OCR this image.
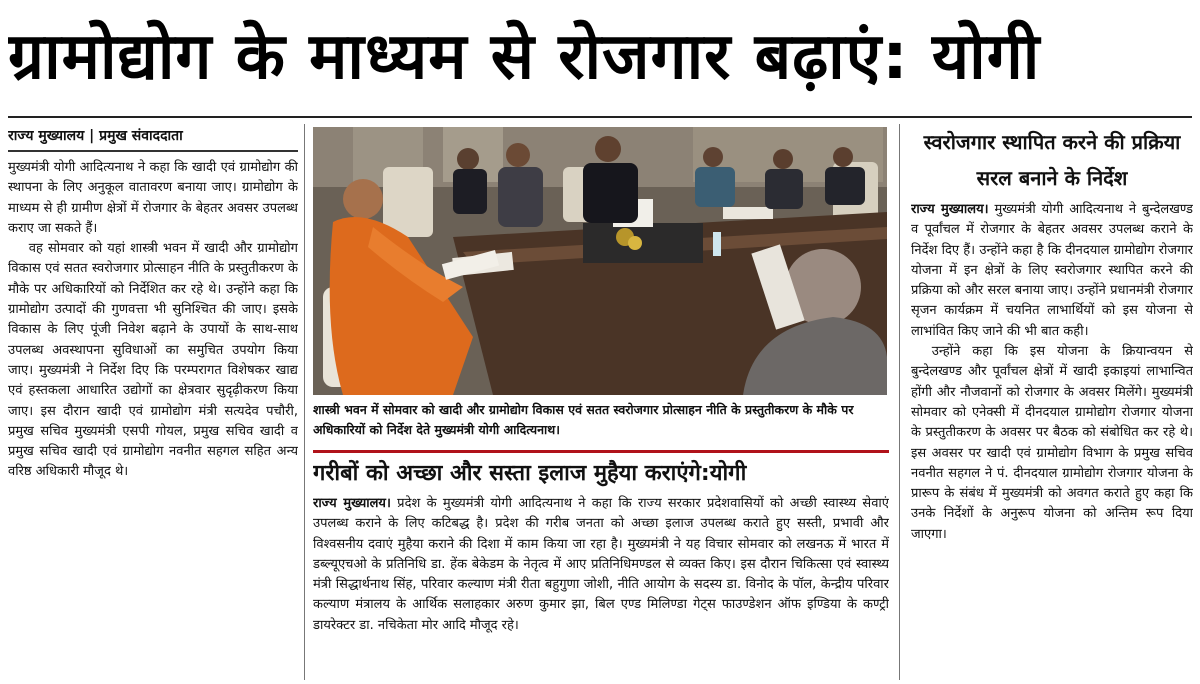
ग्रामोद्योग के माध्यम से रोजगार बढ़ाएं: योगी
राज्य मुख्यालय | प्रमुख संवाददाता

मुख्यमंत्री योगी आदित्यनाथ ने कहा कि खादी एवं ग्रामोद्योग की स्थापना के लिए अनुकूल वातावरण बनाया जाए। ग्रामोद्योग के माध्यम से ही ग्रामीण क्षेत्रों में रोजगार के बेहतर अवसर उपलब्ध कराए जा सकते हैं।

वह सोमवार को यहां शास्त्री भवन में खादी और ग्रामोद्योग विकास एवं सतत स्वरोजगार प्रोत्साहन नीति के प्रस्तुतीकरण के मौके पर अधिकारियों को निर्देशित कर रहे थे। उन्होंने कहा कि ग्रामोद्योग उत्पादों की गुणवत्ता भी सुनिश्चित की जाए। इसके विकास के लिए पूंजी निवेश बढ़ाने के उपायों के साथ-साथ उपलब्ध अवस्थापना सुविधाओं का समुचित उपयोग किया जाए। मुख्यमंत्री ने निर्देश दिए कि परम्परागत विशेषकर खाद्य एवं हस्तकला आधारित उद्योगों का क्षेत्रवार सुदृढ़ीकरण किया जाए। इस दौरान खादी एवं ग्रामोद्योग मंत्री सत्यदेव पचौरी, प्रमुख सचिव मुख्यमंत्री एसपी गोयल, प्रमुख सचिव खादी व प्रमुख सचिव खादी एवं ग्रामोद्योग नवनीत सहगल सहित अन्य वरिष्ठ अधिकारी मौजूद थे।

शास्त्री भवन में सोमवार को खादी और ग्रामोद्योग विकास एवं सतत स्वरोजगार प्रोत्साहन नीति के प्रस्तुतीकरण के मौके पर अधिकारियों को निर्देश देते मुख्यमंत्री योगी आदित्यनाथ।
गरीबों को अच्छा और सस्ता इलाज मुहैया कराएंगे:योगी
राज्य मुख्यालय। प्रदेश के मुख्यमंत्री योगी आदित्यनाथ ने कहा कि राज्य सरकार प्रदेशवासियों को अच्छी स्वास्थ्य सेवाएं उपलब्ध कराने के लिए कटिबद्ध है। प्रदेश की गरीब जनता को अच्छा इलाज उपलब्ध कराते हुए सस्ती, प्रभावी और विश्वसनीय दवाएं मुहैया कराने की दिशा में काम किया जा रहा है। मुख्यमंत्री ने यह विचार सोमवार को लखनऊ में भारत में डब्ल्यूएचओ के प्रतिनिधि डा. हेंक बेकेडम के नेतृत्व में आए प्रतिनिधिमण्डल से व्यक्त किए। इस दौरान चिकित्सा एवं स्वास्थ्य मंत्री सिद्धार्थनाथ सिंह, परिवार कल्याण मंत्री रीता बहुगुणा जोशी, नीति आयोग के सदस्य डा. विनोद के पॉल, केन्द्रीय परिवार कल्याण मंत्रालय के आर्थिक सलाहकार अरुण कुमार झा, बिल एण्ड मिलिण्डा गेट्स फाउण्डेशन ऑफ इण्डिया के कण्ट्री डायरेक्टर डा. नचिकेता मोर आदि मौजूद रहे।
स्वरोजगार स्थापित करने की प्रक्रिया सरल बनाने के निर्देश

राज्य मुख्यालय। मुख्यमंत्री योगी आदित्यनाथ ने बुन्देलखण्ड व पूर्वांचल में रोजगार के बेहतर अवसर उपलब्ध कराने के निर्देश दिए हैं। उन्होंने कहा है कि दीनदयाल ग्रामोद्योग रोजगार योजना में इन क्षेत्रों के लिए स्वरोजगार स्थापित करने की प्रक्रिया को और सरल बनाया जाए। उन्होंने प्रधानमंत्री रोजगार सृजन कार्यक्रम में चयनित लाभार्थियों को इस योजना से लाभांवित किए जाने की भी बात कही।

उन्होंने कहा कि इस योजना के क्रियान्वयन से बुन्देलखण्ड और पूर्वांचल क्षेत्रों में खादी इकाइयां लाभान्वित होंगी और नौजवानों को रोजगार के अवसर मिलेंगे। मुख्यमंत्री सोमवार को एनेक्सी में दीनदयाल ग्रामोद्योग रोजगार योजना के प्रस्तुतीकरण के अवसर पर बैठक को संबोधित कर रहे थे। इस अवसर पर खादी एवं ग्रामोद्योग विभाग के प्रमुख सचिव नवनीत सहगल ने पं. दीनदयाल ग्रामोद्योग रोजगार योजना के प्रारूप के संबंध में मुख्यमंत्री को अवगत कराते हुए कहा कि उनके निर्देशों के अनुरूप योजना को अन्तिम रूप दिया जाएगा।
